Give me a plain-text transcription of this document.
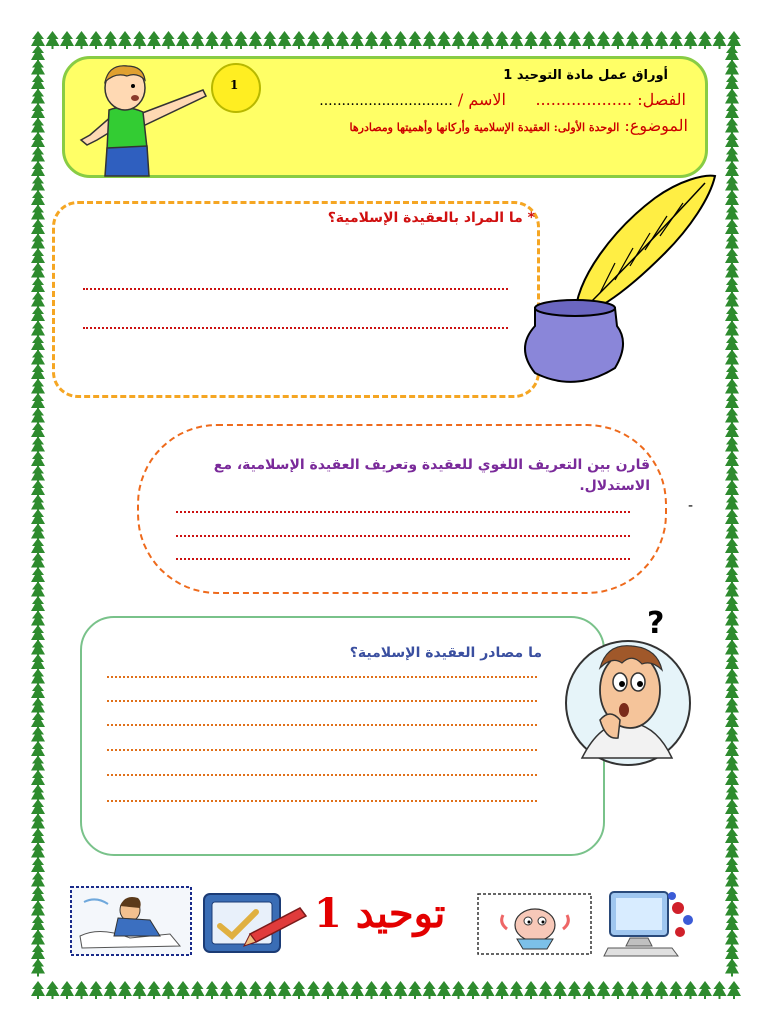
أوراق عمل مادة التوحيد 1
الفصل: ...................
الاسم / ..............................
الموضوع: الوحدة الأولى: العقيدة الإسلامية وأركانها وأهميتها ومصادرها
1
* ما المراد بالعقيدة الإسلامية؟
قارن بين التعريف اللغوي للعقيدة وتعريف العقيدة الإسلامية، مع
الاستدلال.
-
ما مصادر العقيدة الإسلامية؟
?
توحيد 1
